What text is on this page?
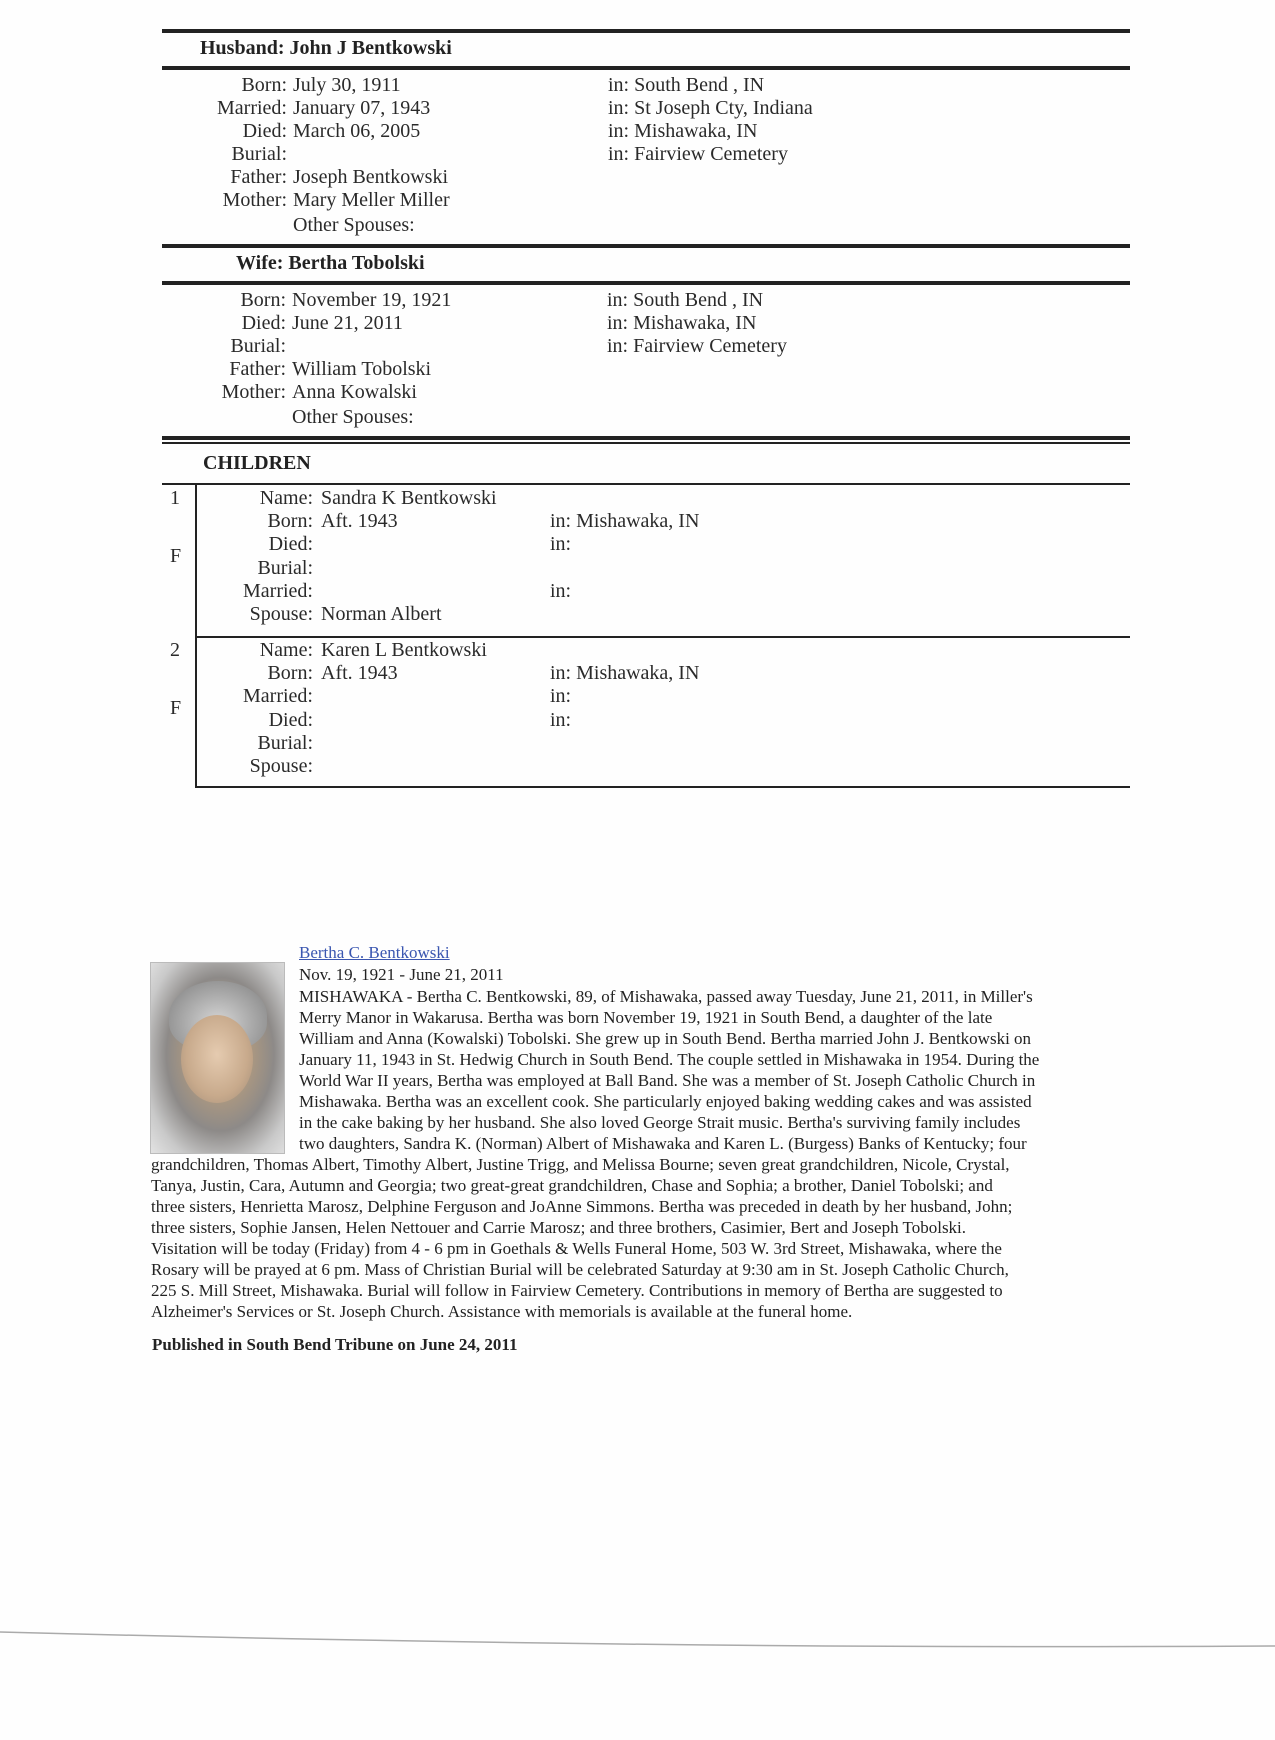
Husband: John J Bentkowski
Born: July 30, 1911	in: South Bend , IN
Married: January 07, 1943	in: St Joseph Cty, Indiana
Died: March 06, 2005	in: Mishawaka, IN
Burial:	in: Fairview Cemetery
Father: Joseph Bentkowski
Mother: Mary Meller Miller
Other Spouses:
Wife: Bertha Tobolski
Born: November 19, 1921	in: South Bend , IN
Died: June 21, 2011	in: Mishawaka, IN
Burial:	in: Fairview Cemetery
Father: William Tobolski
Mother: Anna Kowalski
Other Spouses:
CHILDREN
1
F
Name: Sandra K Bentkowski
Born: Aft. 1943	in: Mishawaka, IN
Died:	in:
Burial:
Married:	in:
Spouse: Norman Albert
2
F
Name: Karen L Bentkowski
Born: Aft. 1943	in: Mishawaka, IN
Married:	in:
Died:	in:
Burial:
Spouse:

Bertha C. Bentkowski
Nov. 19, 1921 - June 21, 2011
MISHAWAKA - Bertha C. Bentkowski, 89, of Mishawaka, passed away Tuesday, June 21, 2011, in Miller's
Merry Manor in Wakarusa. Bertha was born November 19, 1921 in South Bend, a daughter of the late
William and Anna (Kowalski) Tobolski. She grew up in South Bend. Bertha married John J. Bentkowski on
January 11, 1943 in St. Hedwig Church in South Bend. The couple settled in Mishawaka in 1954. During the
World War II years, Bertha was employed at Ball Band. She was a member of St. Joseph Catholic Church in
Mishawaka. Bertha was an excellent cook. She particularly enjoyed baking wedding cakes and was assisted
in the cake baking by her husband. She also loved George Strait music. Bertha's surviving family includes
two daughters, Sandra K. (Norman) Albert of Mishawaka and Karen L. (Burgess) Banks of Kentucky; four
grandchildren, Thomas Albert, Timothy Albert, Justine Trigg, and Melissa Bourne; seven great grandchildren, Nicole, Crystal,
Tanya, Justin, Cara, Autumn and Georgia; two great-great grandchildren, Chase and Sophia; a brother, Daniel Tobolski; and
three sisters, Henrietta Marosz, Delphine Ferguson and JoAnne Simmons. Bertha was preceded in death by her husband, John;
three sisters, Sophie Jansen, Helen Nettouer and Carrie Marosz; and three brothers, Casimier, Bert and Joseph Tobolski.
Visitation will be today (Friday) from 4 - 6 pm in Goethals & Wells Funeral Home, 503 W. 3rd Street, Mishawaka, where the
Rosary will be prayed at 6 pm. Mass of Christian Burial will be celebrated Saturday at 9:30 am in St. Joseph Catholic Church,
225 S. Mill Street, Mishawaka. Burial will follow in Fairview Cemetery. Contributions in memory of Bertha are suggested to
Alzheimer's Services or St. Joseph Church. Assistance with memorials is available at the funeral home.
Published in South Bend Tribune on June 24, 2011
